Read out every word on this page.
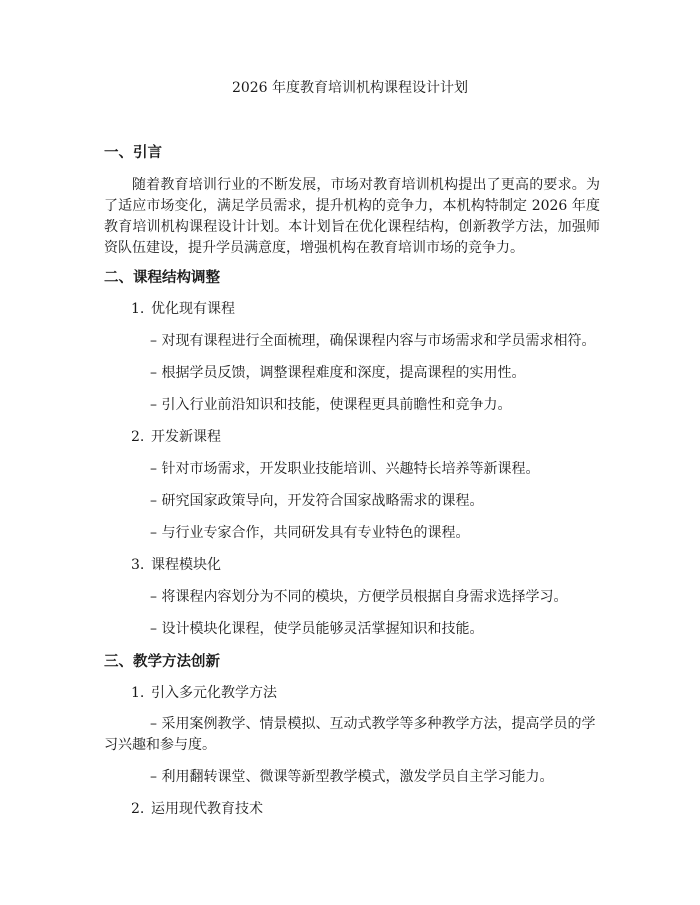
2026 年度教育培训机构课程设计计划
一、引言

随着教育培训行业的不断发展，市场对教育培训机构提出了更高的要求。为了适应市场变化，满足学员需求，提升机构的竞争力，本机构特制定 2026 年度教育培训机构课程设计计划。本计划旨在优化课程结构，创新教学方法，加强师资队伍建设，提升学员满意度，增强机构在教育培训市场的竞争力。

二、课程结构调整

1. 优化现有课程

– 对现有课程进行全面梳理，确保课程内容与市场需求和学员需求相符。

– 根据学员反馈，调整课程难度和深度，提高课程的实用性。

– 引入行业前沿知识和技能，使课程更具前瞻性和竞争力。

2. 开发新课程

– 针对市场需求，开发职业技能培训、兴趣特长培养等新课程。

– 研究国家政策导向，开发符合国家战略需求的课程。

– 与行业专家合作，共同研发具有专业特色的课程。

3. 课程模块化

– 将课程内容划分为不同的模块，方便学员根据自身需求选择学习。

– 设计模块化课程，使学员能够灵活掌握知识和技能。

三、教学方法创新

1. 引入多元化教学方法

– 采用案例教学、情景模拟、互动式教学等多种教学方法，提高学员的学习兴趣和参与度。

– 利用翻转课堂、微课等新型教学模式，激发学员自主学习能力。

2. 运用现代教育技术
